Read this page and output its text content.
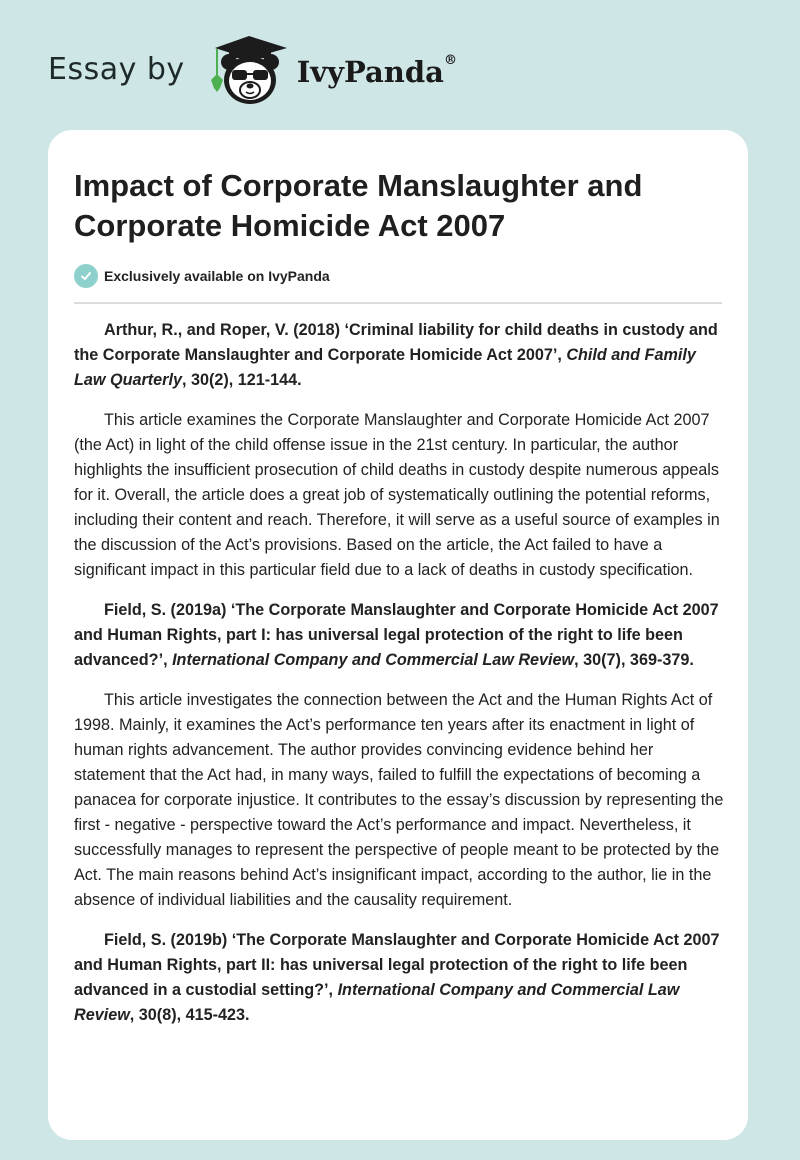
Essay by	IvyPanda®
Impact of Corporate Manslaughter and Corporate Homicide Act 2007
Exclusively available on IvyPanda

Arthur, R., and Roper, V. (2018) ‘Criminal liability for child deaths in custody and the Corporate Manslaughter and Corporate Homicide Act 2007’, Child and Family Law Quarterly, 30(2), 121-144.

This article examines the Corporate Manslaughter and Corporate Homicide Act 2007 (the Act) in light of the child offense issue in the 21st century. In particular, the author highlights the insufficient prosecution of child deaths in custody despite numerous appeals for it. Overall, the article does a great job of systematically outlining the potential reforms, including their content and reach. Therefore, it will serve as a useful source of examples in the discussion of the Act’s provisions. Based on the article, the Act failed to have a significant impact in this particular field due to a lack of deaths in custody specification.

Field, S. (2019a) ‘The Corporate Manslaughter and Corporate Homicide Act 2007 and Human Rights, part I: has universal legal protection of the right to life been advanced?’, International Company and Commercial Law Review, 30(7), 369-379.

This article investigates the connection between the Act and the Human Rights Act of 1998. Mainly, it examines the Act’s performance ten years after its enactment in light of human rights advancement. The author provides convincing evidence behind her statement that the Act had, in many ways, failed to fulfill the expectations of becoming a panacea for corporate injustice. It contributes to the essay’s discussion by representing the first - negative - perspective toward the Act’s performance and impact. Nevertheless, it successfully manages to represent the perspective of people meant to be protected by the Act. The main reasons behind Act’s insignificant impact, according to the author, lie in the absence of individual liabilities and the causality requirement.

Field, S. (2019b) ‘The Corporate Manslaughter and Corporate Homicide Act 2007 and Human Rights, part II: has universal legal protection of the right to life been advanced in a custodial setting?’, International Company and Commercial Law Review, 30(8), 415-423.
